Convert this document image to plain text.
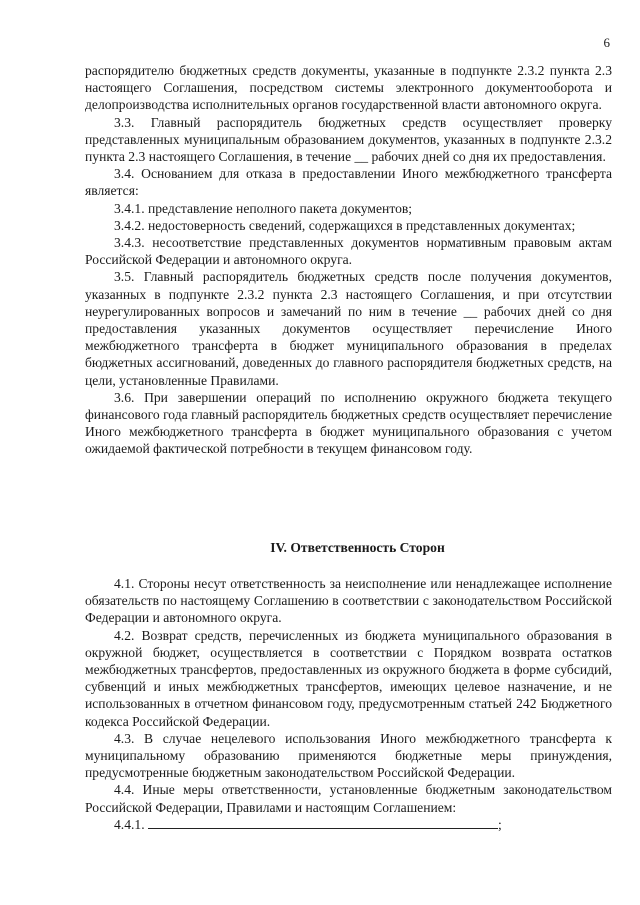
6

распорядителю бюджетных средств документы, указанные в подпункте 2.3.2 пункта 2.3 настоящего Соглашения, посредством системы электронного документооборота и делопроизводства исполнительных органов государственной власти автономного округа.

3.3. Главный распорядитель бюджетных средств осуществляет проверку представленных муниципальным образованием документов, указанных в подпункте 2.3.2 пункта 2.3 настоящего Соглашения, в течение __ рабочих дней со дня их предоставления.

3.4. Основанием для отказа в предоставлении Иного межбюджетного трансферта является:

3.4.1. представление неполного пакета документов;

3.4.2. недостоверность сведений, содержащихся в представленных документах;

3.4.3. несоответствие представленных документов нормативным правовым актам Российской Федерации и автономного округа.

3.5. Главный распорядитель бюджетных средств после получения документов, указанных в подпункте 2.3.2 пункта 2.3 настоящего Соглашения, и при отсутствии неурегулированных вопросов и замечаний по ним в течение __ рабочих дней со дня предоставления указанных документов осуществляет перечисление Иного межбюджетного трансферта в бюджет муниципального образования в пределах бюджетных ассигнований, доведенных до главного распорядителя бюджетных средств, на цели, установленные Правилами.

3.6. При завершении операций по исполнению окружного бюджета текущего финансового года главный распорядитель бюджетных средств осуществляет перечисление Иного межбюджетного трансферта в бюджет муниципального образования с учетом ожидаемой фактической потребности в текущем финансовом году.

IV. Ответственность Сторон

4.1. Стороны несут ответственность за неисполнение или ненадлежащее исполнение обязательств по настоящему Соглашению в соответствии с законодательством Российской Федерации и автономного округа.

4.2. Возврат средств, перечисленных из бюджета муниципального образования в окружной бюджет, осуществляется в соответствии с Порядком возврата остатков межбюджетных трансфертов, предоставленных из окружного бюджета в форме субсидий, субвенций и иных межбюджетных трансфертов, имеющих целевое назначение, и не использованных в отчетном финансовом году, предусмотренным статьей 242 Бюджетного кодекса Российской Федерации.

4.3. В случае нецелевого использования Иного межбюджетного трансферта к муниципальному образованию применяются бюджетные меры принуждения, предусмотренные бюджетным законодательством Российской Федерации.

4.4. Иные меры ответственности, установленные бюджетным законодательством Российской Федерации, Правилами и настоящим Соглашением:

4.4.1.	;
